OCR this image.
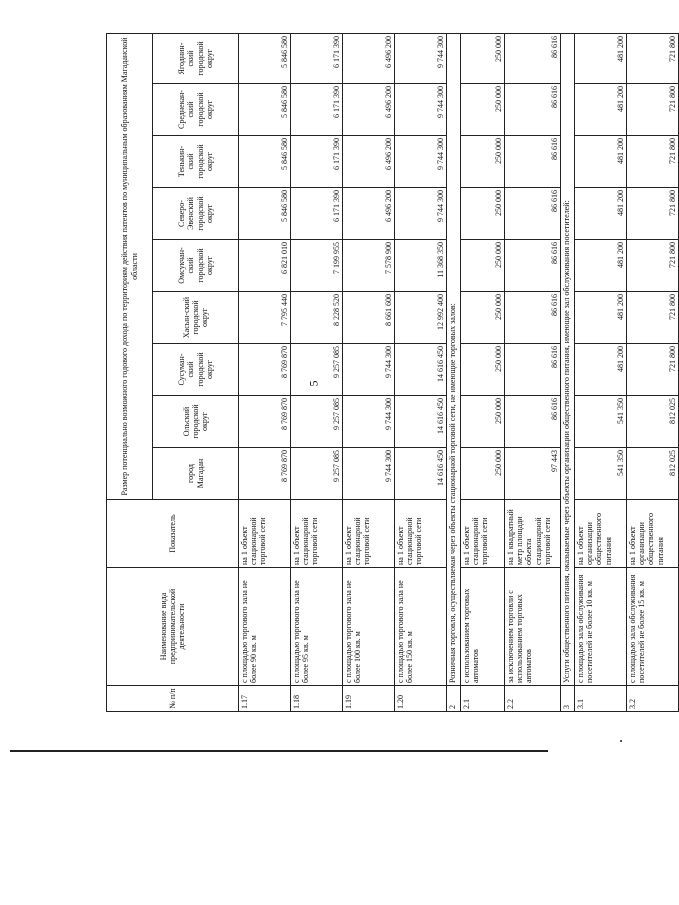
5
№ п/п	Наименование вида предпринимательской деятельности	Показатель	Размер потенциально возможного годового дохода по территориям действия патентов по муниципальным образованиям Магаданской области								
			город Магадан	Ольский городской округ	Сусуман-ский городской округ	Хасын-ский городской округ	Омсукчан-ский городской округ	Северо-Эвенский городской округ	Тенькин-ский городской округ	Среднекан-ский городской округ	Ягоднин-ский городской округ
1.17	с площадью торгового зала не более 90 кв. м	на 1 объект стационарной торговой сети	8 769 870	8 769 870	8 769 870	7 795 440	6 821 010	5 846 580	5 846 580	5 846 580	5 846 580
1.18	с площадью торгового зала не более 95 кв. м	на 1 объект стационарной торговой сети	9 257 085	9 257 085	9 257 085	8 228 520	7 199 955	6 171 390	6 171 390	6 171 390	6 171 390
1.19	с площадью торгового зала не более 100 кв. м	на 1 объект стационарной торговой сети	9 744 300	9 744 300	9 744 300	8 661 600	7 578 900	6 496 200	6 496 200	6 496 200	6 496 200
1.20	с площадью торгового зала не более 150 кв. м	на 1 объект стационарной торговой сети	14 616 450	14 616 450	14 616 450	12 992 400	11 368 350	9 744 300	9 744 300	9 744 300	9 744 300
2	Розничная торговля, осуществляемая через объекты стационарной торговой сети, не имеющие торговых залов:										
2.1	с использованием торговых автоматов	на 1 объект стационарной торговой сети	250 000	250 000	250 000	250 000	250 000	250 000	250 000	250 000	250 000
2.2	за исключением торговли с использованием торговых автоматов	на 1 квадратный метр площади объекта стационарной торговой сети	97 443	86 616	86 616	86 616	86 616	86 616	86 616	86 616	86 616
3	Услуги общественного питания, оказываемые через объекты организации общественного питания, имеющие зал обслуживания посетителей:										
3.1	с площадью зала обслуживания посетителей не более 10 кв. м	на 1 объект организации общественного питания	541 350	541 350	481 200	481 200	481 200	481 200	481 200	481 200	481 200
3.2	с площадью зала обслуживания посетителей не более 15 кв. м	на 1 объект организации общественного питания	812 025	812 025	721 800	721 800	721 800	721 800	721 800	721 800	721 800
